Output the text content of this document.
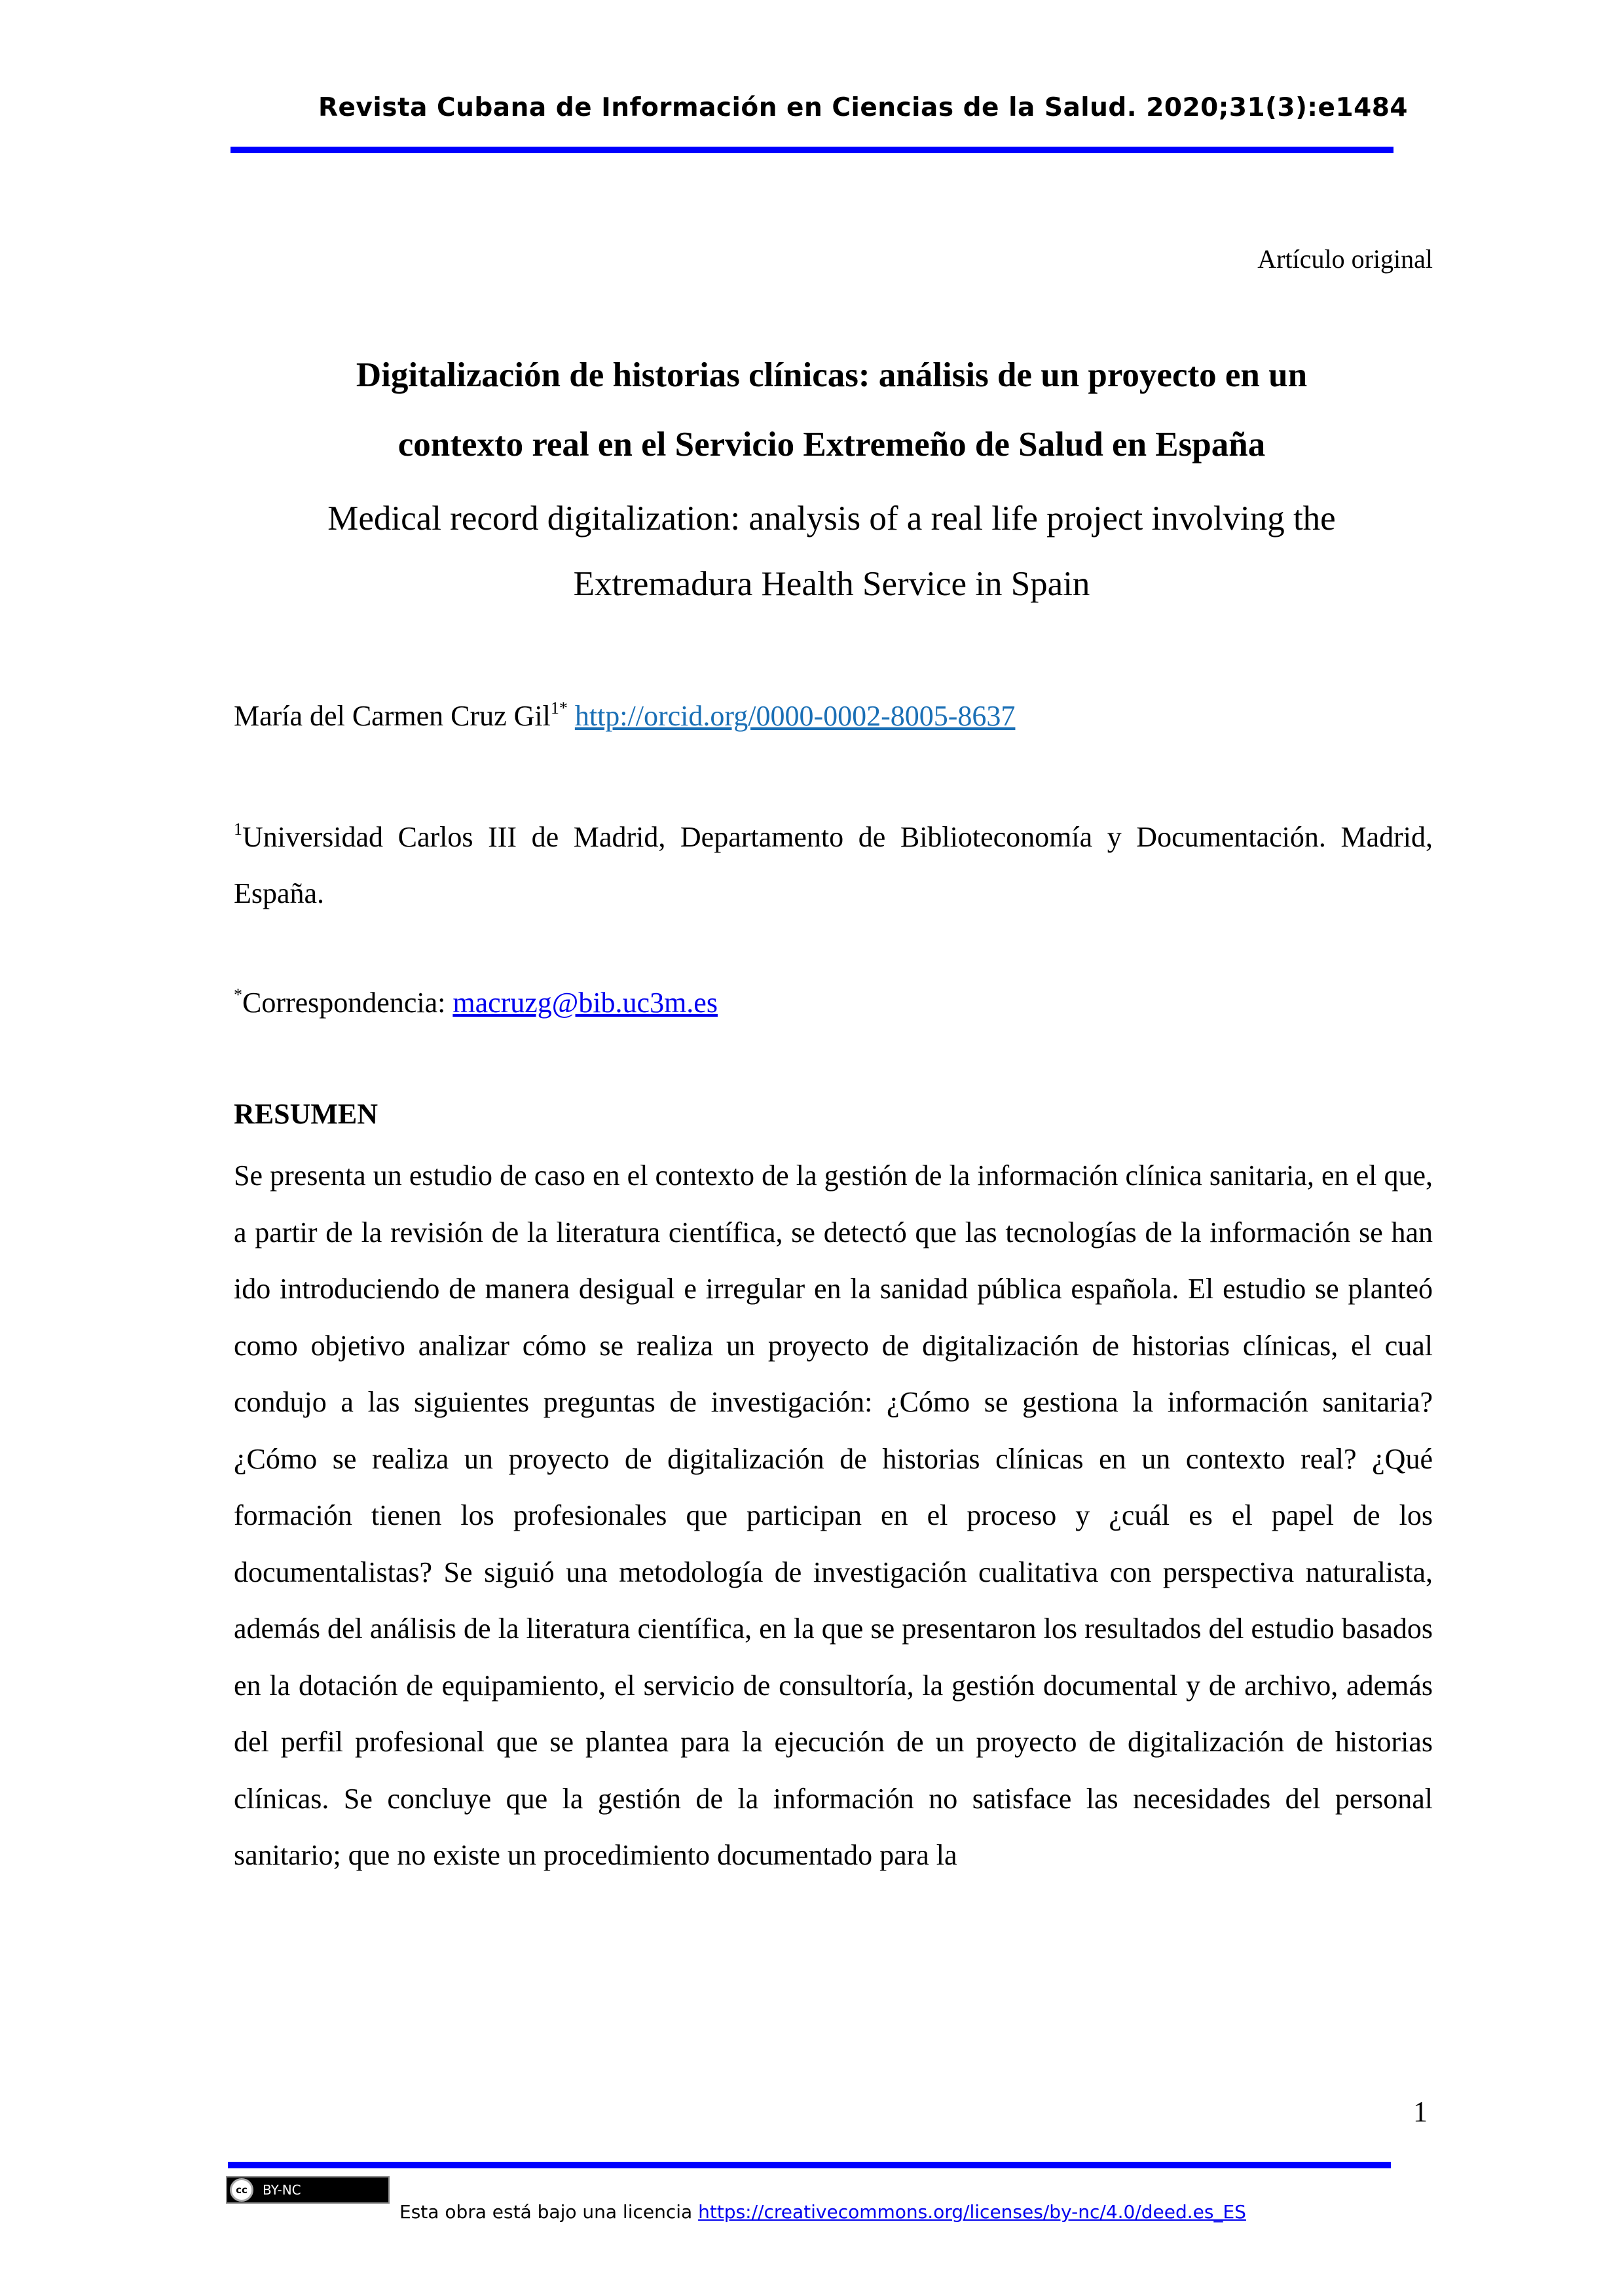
Revista Cubana de Información en Ciencias de la Salud. 2020;31(3):e1484
Artículo original
Digitalización de historias clínicas: análisis de un proyecto en un
contexto real en el Servicio Extremeño de Salud en España
Medical record digitalization: analysis of a real life project involving the
Extremadura Health Service in Spain
María del Carmen Cruz Gil$^{1*}$ http://orcid.org/0000-0002-8005-8637
$^1$Universidad Carlos III de Madrid, Departamento de Biblioteconomía y Documentación. Madrid, España.
*Correspondencia: macruzg@bib.uc3m.es
RESUMEN
Se presenta un estudio de caso en el contexto de la gestión de la información clínica sanitaria, en el que, a partir de la revisión de la literatura científica, se detectó que las tecnologías de la información se han ido introduciendo de manera desigual e irregular en la sanidad pública española. El estudio se planteó como objetivo analizar cómo se realiza un proyecto de digitalización de historias clínicas, el cual condujo a las siguientes preguntas de investigación: ¿Cómo se gestiona la información sanitaria? ¿Cómo se realiza un proyecto de digitalización de historias clínicas en un contexto real? ¿Qué formación tienen los profesionales que participan en el proceso y ¿cuál es el papel de los documentalistas? Se siguió una metodología de investigación cualitativa con perspectiva naturalista, además del análisis de la literatura científica, en la que se presentaron los resultados del estudio basados en la dotación de equipamiento, el servicio de consultoría, la gestión documental y de archivo, además del perfil profesional que se plantea para la ejecución de un proyecto de digitalización de historias clínicas. Se concluye que la gestión de la información no satisface las necesidades del personal sanitario; que no existe un procedimiento documentado para la
1
cc	BY-NC
Esta obra está bajo una licencia https://creativecommons.org/licenses/by-nc/4.0/deed.es_ES
